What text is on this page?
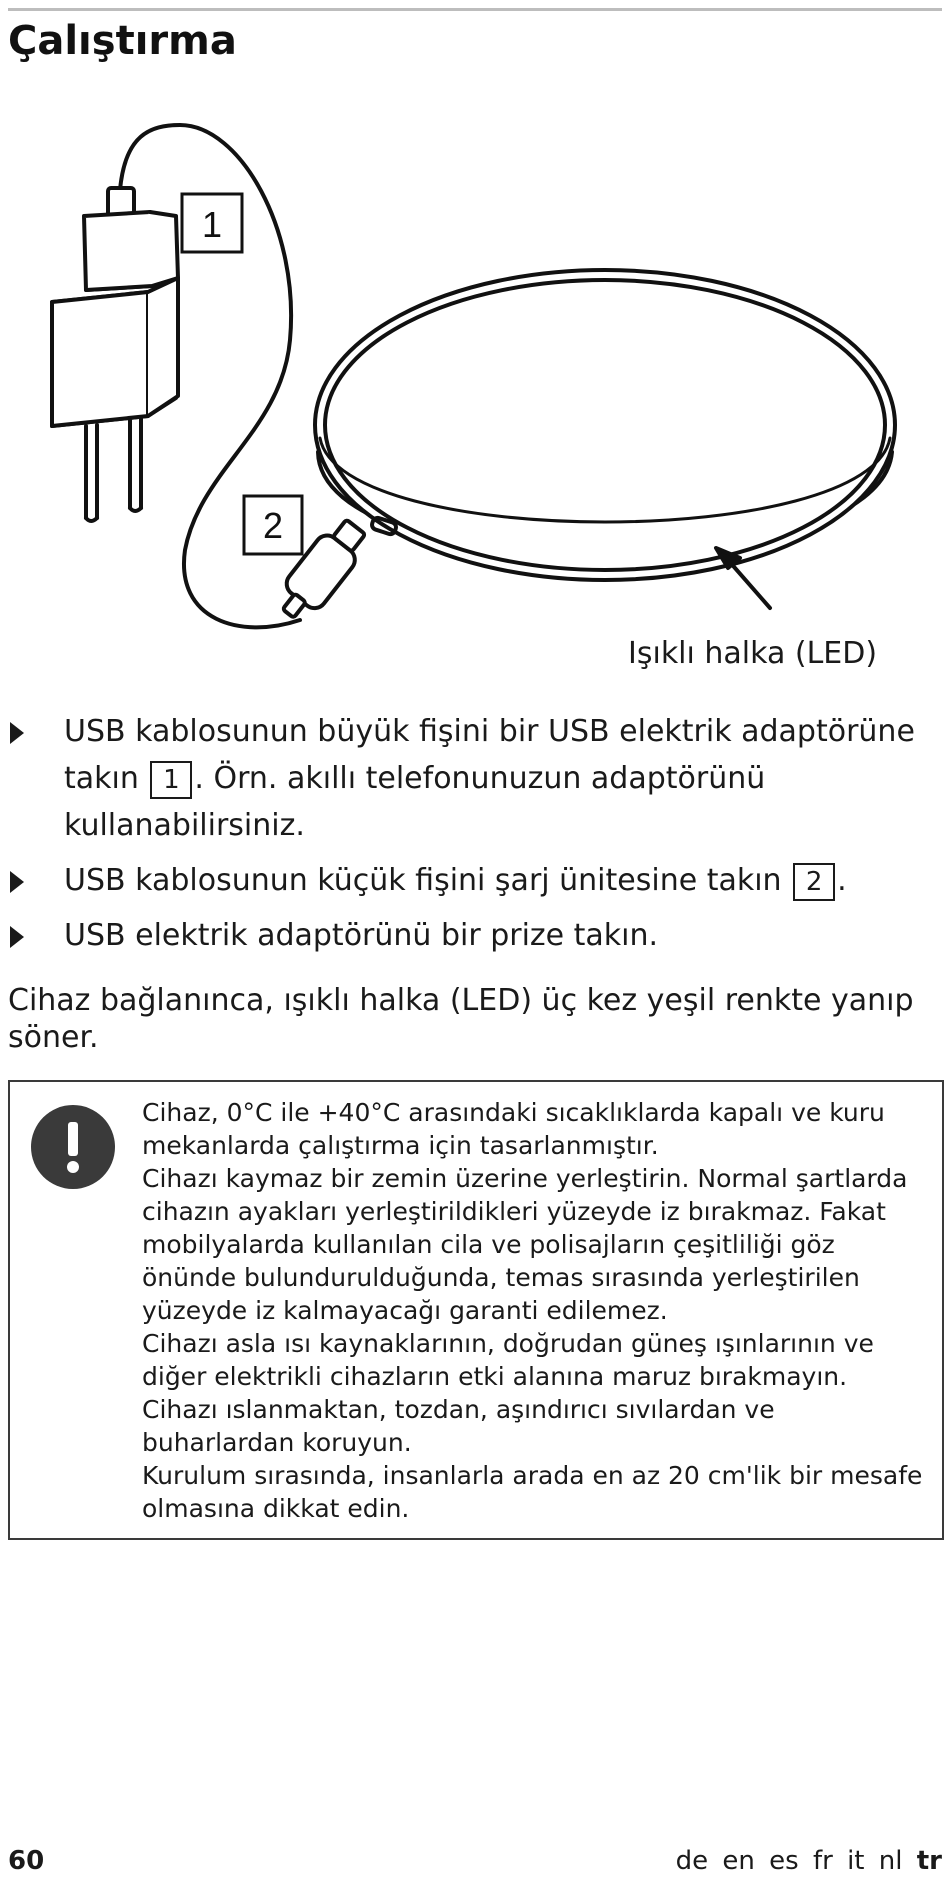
Çalıştırma
1
2
Işıklı halka (LED)
USB kablosunun büyük fişini bir USB elektrik adaptörüne takın 1 . Örn. akıllı telefonunuzun adaptörünü kullanabilirsiniz.
USB kablosunun küçük fişini şarj ünitesine takın 2 .
USB elektrik adaptörünü bir prize takın.

Cihaz bağlanınca, ışıklı halka (LED) üç kez yeşil renkte yanıp söner.

Cihaz, 0°C ile +40°C arasındaki sıcaklıklarda kapalı ve kuru mekanlarda çalıştırma için tasarlanmıştır.

Cihazı kaymaz bir zemin üzerine yerleştirin. Normal şartlarda cihazın ayakları yerleştirildikleri yüzeyde iz bırakmaz. Fakat mobilyalarda kullanılan cila ve polisajların çeşitliliği göz önünde bulundurulduğunda, temas sırasında yerleştirilen yüzeyde iz kalmayacağı garanti edilemez.

Cihazı asla ısı kaynaklarının, doğrudan güneş ışınlarının ve diğer elektrikli cihazların etki alanına maruz bırakmayın.

Cihazı ıslanmaktan, tozdan, aşındırıcı sıvılardan ve buharlardan koruyun.

Kurulum sırasında, insanlarla arada en az 20 cm'lik bir mesafe olmasına dikkat edin.

60	de en es fr it nl tr
